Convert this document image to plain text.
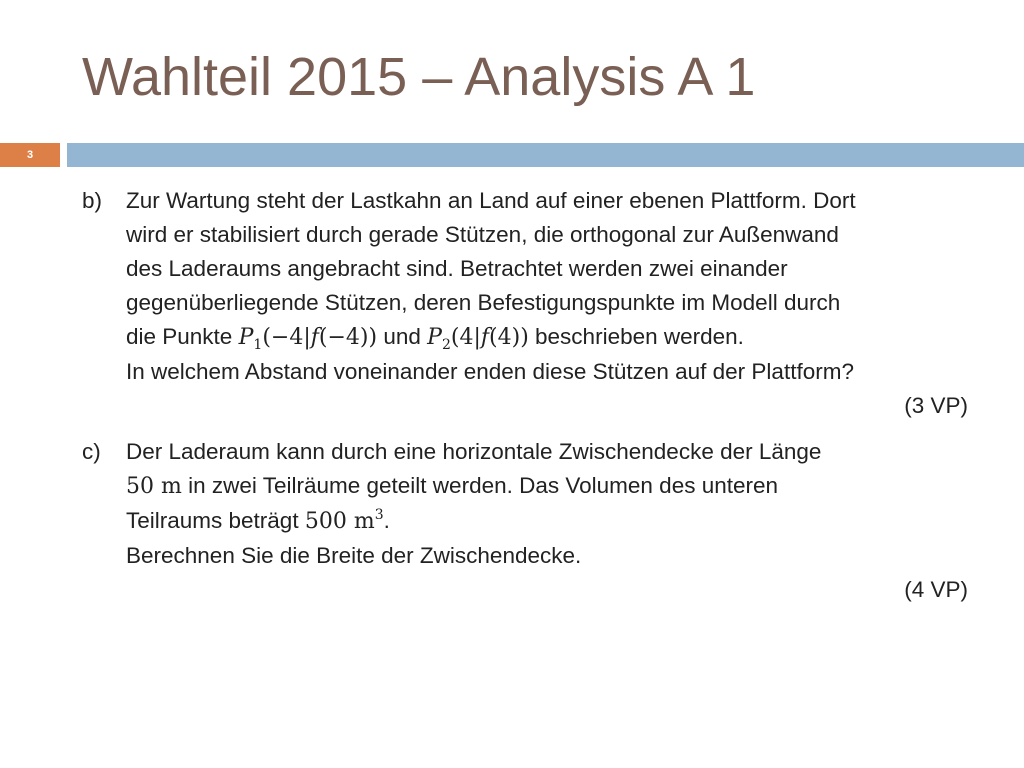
Wahlteil 2015 – Analysis A 1
3
b)	Zur Wartung steht der Lastkahn an Land auf einer ebenen Plattform. Dort
wird er stabilisiert durch gerade Stützen, die orthogonal zur Außenwand
des Laderaums angebracht sind. Betrachtet werden zwei einander
gegenüberliegende Stützen, deren Befestigungspunkte im Modell durch
die Punkte $P_1(-4|f(-4))$ und $P_2(4|f(4))$ beschrieben werden.
In welchem Abstand voneinander enden diese Stützen auf der Plattform?
(3 VP)
c)	Der Laderaum kann durch eine horizontale Zwischendecke der Länge
50 m in zwei Teilräume geteilt werden. Das Volumen des unteren
Teilraums beträgt 500 $m^3$.
Berechnen Sie die Breite der Zwischendecke.
(4 VP)
